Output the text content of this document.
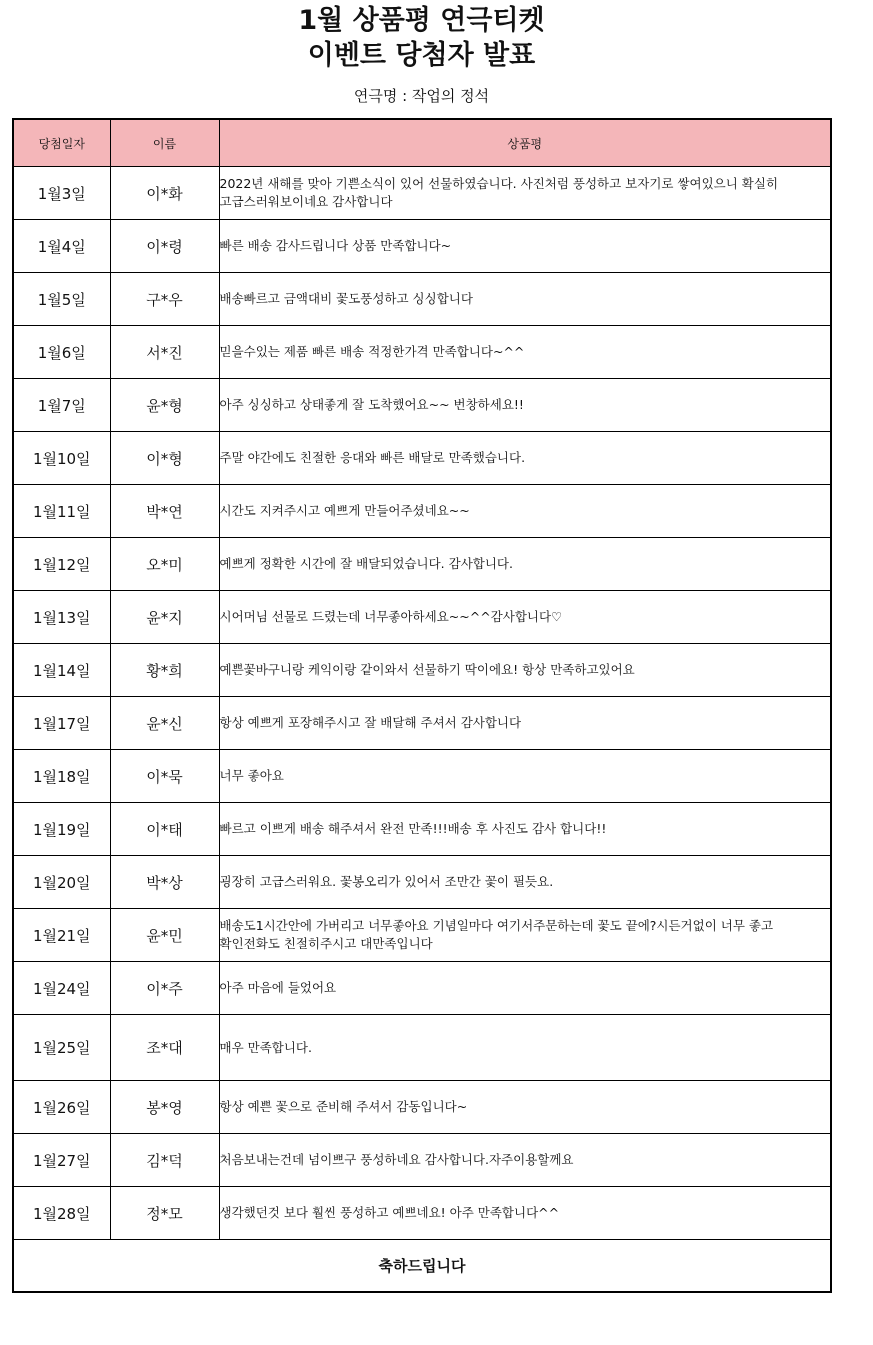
1월 상품평 연극티켓
이벤트 당첨자 발표
연극명 : 작업의 정석
당첨일자	이름	상품평
1월3일	이*화	2022년 새해를 맞아 기쁜소식이 있어 선물하였습니다. 사진처럼 풍성하고 보자기로 쌓여있으니 확실히 고급스러워보이네요 감사합니다
1월4일	이*령	빠른 배송 감사드립니다 상품 만족합니다~
1월5일	구*우	배송빠르고 금액대비 꽃도풍성하고 싱싱합니다
1월6일	서*진	믿을수있는 제품 빠른 배송 적정한가격 만족합니다~^^
1월7일	윤*형	아주 싱싱하고 상태좋게 잘 도착했어요~~ 번창하세요!!
1월10일	이*형	주말 야간에도 친절한 응대와 빠른 배달로 만족했습니다.
1월11일	박*연	시간도 지켜주시고 예쁘게 만들어주셨네요~~
1월12일	오*미	예쁘게 정확한 시간에 잘 배달되었습니다. 감사합니다.
1월13일	윤*지	시어머님 선물로 드렸는데 너무좋아하세요~~^^감사합니다♡
1월14일	황*희	예쁜꽃바구니랑 케익이랑 같이와서 선물하기 딱이에요! 항상 만족하고있어요
1월17일	윤*신	항상 예쁘게 포장해주시고 잘 배달해 주셔서 감사합니다
1월18일	이*묵	너무 좋아요
1월19일	이*태	빠르고 이쁘게 배송 해주셔서 완전 만족!!!배송 후 사진도 감사 합니다!!
1월20일	박*상	굉장히 고급스러워요. 꽃봉오리가 있어서 조만간 꽃이 필듯요.
1월21일	윤*민	배송도1시간안에 가버리고 너무좋아요 기념일마다 여기서주문하는데 꽃도 끝에?시든거없이 너무 좋고 확인전화도 친절히주시고 대만족입니다
1월24일	이*주	아주 마음에 들었어요
1월25일	조*대	매우 만족합니다.
1월26일	봉*영	항상 예쁜 꽃으로 준비해 주셔서 감동입니다~
1월27일	김*덕	처음보내는건데 넘이쁘구 풍성하네요 감사합니다.자주이용할께요
1월28일	정*모	생각했던것 보다 훨씬 풍성하고 예쁘네요! 아주 만족합니다^^
축하드립니다		
